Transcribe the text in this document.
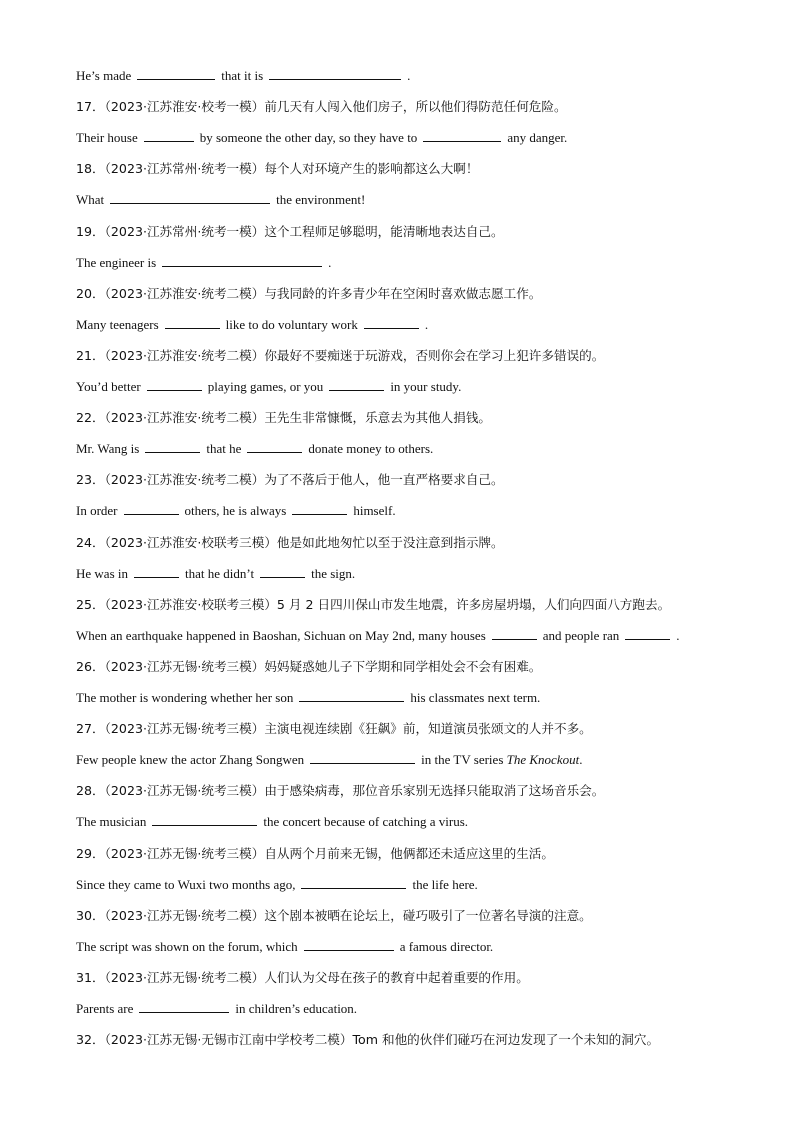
He’s made	that it is	.
17．（2023·江苏淮安·校考一模）前几天有人闯入他们房子，所以他们得防范任何危险。
Their house	by someone the other day, so they have to	any danger.
18．（2023·江苏常州·统考一模）每个人对环境产生的影响都这么大啊！
What	the environment!
19．（2023·江苏常州·统考一模）这个工程师足够聪明，能清晰地表达自己。
The engineer is	.
20．（2023·江苏淮安·统考二模）与我同龄的许多青少年在空闲时喜欢做志愿工作。
Many teenagers	like to do voluntary work	.
21．（2023·江苏淮安·统考二模）你最好不要痴迷于玩游戏，否则你会在学习上犯许多错误的。
You’d better	playing games, or you	in your study.
22．（2023·江苏淮安·统考二模）王先生非常慷慨，乐意去为其他人捐钱。
Mr. Wang is	that he	donate money to others.
23．（2023·江苏淮安·统考二模）为了不落后于他人，他一直严格要求自己。
In order	others, he is always	himself.
24．（2023·江苏淮安·校联考三模）他是如此地匆忙以至于没注意到指示牌。
He was in	that he didn’t	the sign.
25．（2023·江苏淮安·校联考三模）5 月 2 日四川保山市发生地震，许多房屋坍塌，人们向四面八方跑去。
When an earthquake happened in Baoshan, Sichuan on May 2nd, many houses	and people ran	.
26．（2023·江苏无锡·统考三模）妈妈疑惑她儿子下学期和同学相处会不会有困难。
The mother is wondering whether her son	his classmates next term.
27．（2023·江苏无锡·统考三模）主演电视连续剧《狂飙》前，知道演员张颂文的人并不多。
Few people knew the actor Zhang Songwen	in the TV series The Knockout.
28．（2023·江苏无锡·统考三模）由于感染病毒，那位音乐家别无选择只能取消了这场音乐会。
The musician	the concert because of catching a virus.
29．（2023·江苏无锡·统考三模）自从两个月前来无锡，他俩都还未适应这里的生活。
Since they came to Wuxi two months ago,	the life here.
30．（2023·江苏无锡·统考二模）这个剧本被晒在论坛上，碰巧吸引了一位著名导演的注意。
The script was shown on the forum, which	a famous director.
31．（2023·江苏无锡·统考二模）人们认为父母在孩子的教育中起着重要的作用。
Parents are	in children’s education.
32．（2023·江苏无锡·无锡市江南中学校考二模）Tom 和他的伙伴们碰巧在河边发现了一个未知的洞穴。
